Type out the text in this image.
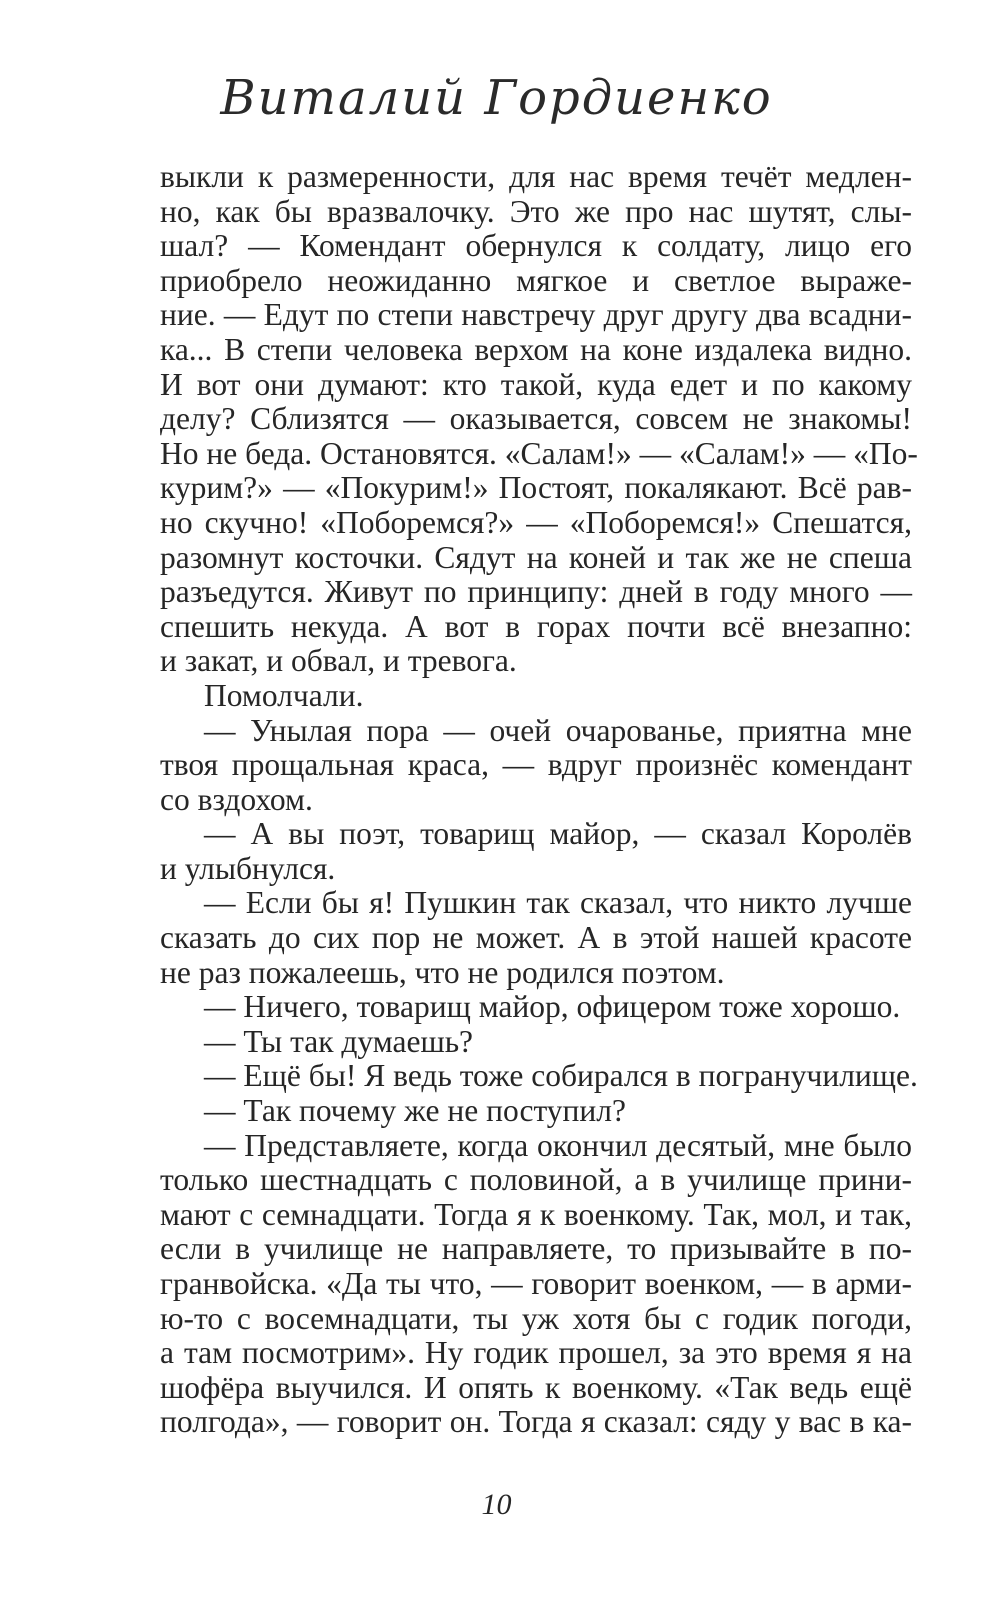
Виталий Гордиенко
выкли к размеренности, для нас время течёт медлен-
но, как бы вразвалочку. Это же про нас шутят, слы-
шал? — Комендант обернулся к солдату, лицо его
приобрело неожиданно мягкое и светлое выраже-
ние. — Едут по степи навстречу друг другу два всадни-
ка... В степи человека верхом на коне издалека видно.
И вот они думают: кто такой, куда едет и по какому
делу? Сблизятся — оказывается, совсем не знакомы!
Но не беда. Остановятся. «Салам!» — «Салам!» — «По-
курим?» — «Покурим!» Постоят, покалякают. Всё рав-
но скучно! «Поборемся?» — «Поборемся!» Спешатся,
разомнут косточки. Сядут на коней и так же не спеша
разъедутся. Живут по принципу: дней в году много —
спешить некуда. А вот в горах почти всё внезапно:
и закат, и обвал, и тревога.
Помолчали.
— Унылая пора — очей очарованье, приятна мне
твоя прощальная краса, — вдруг произнёс комендант
со вздохом.
— А вы поэт, товарищ майор, — сказал Королёв
и улыбнулся.
— Если бы я! Пушкин так сказал, что никто лучше
сказать до сих пор не может. А в этой нашей красоте
не раз пожалеешь, что не родился поэтом.
— Ничего, товарищ майор, офицером тоже хорошо.
— Ты так думаешь?
— Ещё бы! Я ведь тоже собирался в погранучилище.
— Так почему же не поступил?
— Представляете, когда окончил десятый, мне было
только шестнадцать с половиной, а в училище прини-
мают с семнадцати. Тогда я к военкому. Так, мол, и так,
если в училище не направляете, то призывайте в по-
гранвойска. «Да ты что, — говорит военком, — в арми-
ю-то с восемнадцати, ты уж хотя бы с годик погоди,
а там посмотрим». Ну годик прошел, за это время я на
шофёра выучился. И опять к военкому. «Так ведь ещё
полгода», — говорит он. Тогда я сказал: сяду у вас в ка-
10
